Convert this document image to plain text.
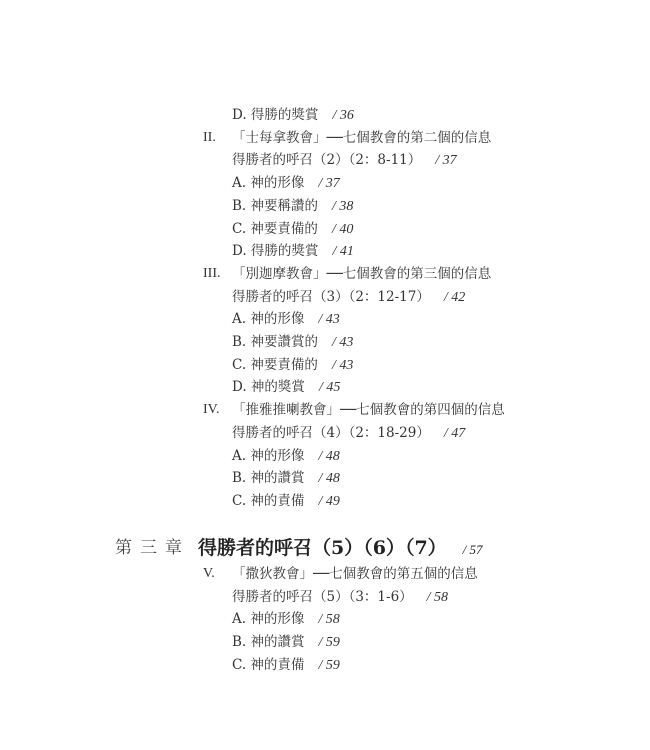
D. 得勝的獎賞 / 36
II. 「士每拿教會」──七個教會的第二個的信息
得勝者的呼召（2）（2：8-11） / 37
A. 神的形像 / 37
B. 神要稱讚的 / 38
C. 神要責備的 / 40
D. 得勝的獎賞 / 41
III. 「別迦摩教會」──七個教會的第三個的信息
得勝者的呼召（3）（2：12-17） / 42
A. 神的形像 / 43
B. 神要讚賞的 / 43
C. 神要責備的 / 43
D. 神的獎賞 / 45
IV. 「推雅推喇教會」──七個教會的第四個的信息
得勝者的呼召（4）（2：18-29） / 47
A. 神的形像 / 48
B. 神的讚賞 / 48
C. 神的責備 / 49
V. 「撒狄教會」──七個教會的第五個的信息
得勝者的呼召（5）（3：1-6） / 58
A. 神的形像 / 58
B. 神的讚賞 / 59
C. 神的責備 / 59
第三章 得勝者的呼召（5）（6）（7） / 57
